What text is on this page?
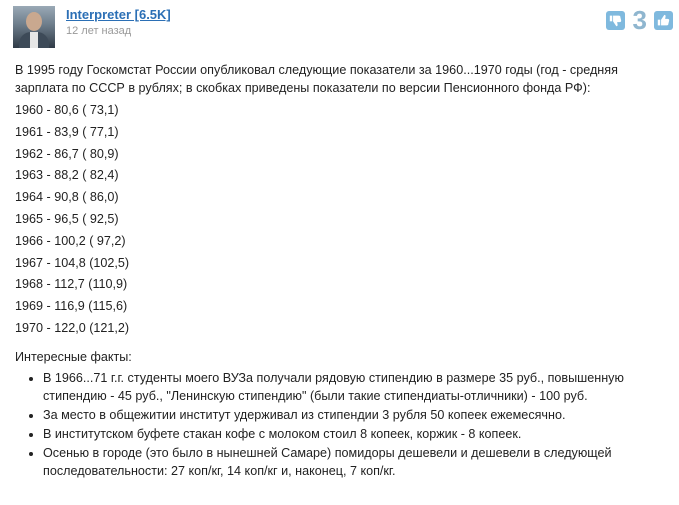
Interpreter [6.5K]
12 лет назад	3

В 1995 году Госкомстат России опубликовал следующие показатели за 1960...1970 годы (год - средняя зарплата по СССР в рублях; в скобках приведены показатели по версии Пенсионного фонда РФ):

1960 - 80,6 ( 73,1)

1961 - 83,9 ( 77,1)

1962 - 86,7 ( 80,9)

1963 - 88,2 ( 82,4)

1964 - 90,8 ( 86,0)

1965 - 96,5 ( 92,5)

1966 - 100,2 ( 97,2)

1967 - 104,8 (102,5)

1968 - 112,7 (110,9)

1969 - 116,9 (115,6)

1970 - 122,0 (121,2)

Интересные факты:

• В 1966...71 г.г. студенты моего ВУЗа получали рядовую стипендию в размере 35 руб., повышенную стипендию - 45 руб., "Ленинскую стипендию" (были такие стипендиаты-отличники) - 100 руб.
• За место в общежитии институт удерживал из стипендии 3 рубля 50 копеек ежемесячно.
• В институтском буфете стакан кофе с молоком стоил 8 копеек, коржик - 8 копеек.
• Осенью в городе (это было в нынешней Самаре) помидоры дешевели и дешевели в следующей последовательности: 27 коп/кг, 14 коп/кг и, наконец, 7 коп/кг.
